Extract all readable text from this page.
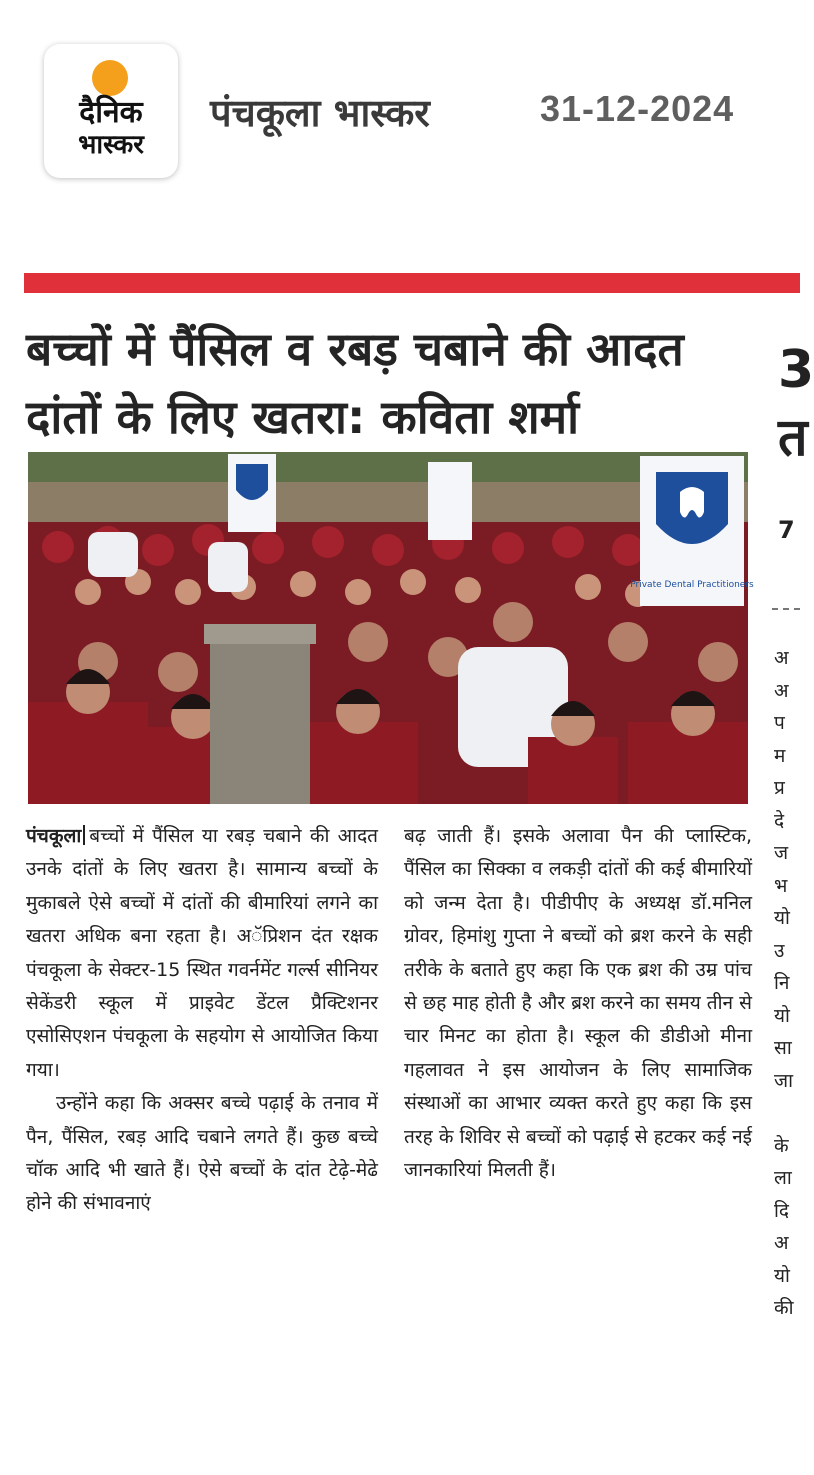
दैनिक
भास्कर
पंचकूला भास्कर	31-12-2024
बच्चों में पैंसिल व रबड़ चबाने की आदत
दांतों के लिए खतरा: कविता शर्मा
Private Dental Practitioners

पंचकूला बच्चों में पैंसिल या रबड़ चबाने की आदत उनके दांतों के लिए खतरा है। सामान्य बच्चों के मुकाबले ऐसे बच्चों में दांतों की बीमारियां लगने का खतरा अधिक बना रहता है। अॅप्रिशन दंत रक्षक पंचकूला के सेक्टर-15 स्थित गवर्नमेंट गर्ल्स सीनियर सेकेंडरी स्कूल में प्राइवेट डेंटल प्रैक्टिशनर एसोसिएशन पंचकूला के सहयोग से आयोजित किया गया।
उन्होंने कहा कि अक्सर बच्चे पढ़ाई के तनाव में पैन, पैंसिल, रबड़ आदि चबाने लगते हैं। कुछ बच्चे चॉक आदि भी खाते हैं। ऐसे बच्चों के दांत टेढ़े-मेढे होने की संभावनाएं

बढ़ जाती हैं। इसके अलावा पैन की प्लास्टिक, पैंसिल का सिक्का व लकड़ी दांतों की कई बीमारियों को जन्म देता है। पीडीपीए के अध्यक्ष डॉ.मनिल ग्रोवर, हिमांशु गुप्ता ने बच्चों को ब्रश करने के सही तरीके के बताते हुए कहा कि एक ब्रश की उम्र पांच से छह माह होती है और ब्रश करने का समय तीन से चार मिनट का होता है। स्कूल की डीडीओ मीना गहलावत ने इस आयोजन के लिए सामाजिक संस्थाओं का आभार व्यक्त करते हुए कहा कि इस तरह के शिविर से बच्चों को पढ़ाई से हटकर कई नई जानकारियां मिलती हैं।

3
त
7
अ
अ
प
म
प्र
दे
ज
भ
यो
उ
नि
यो
सा
जा

के
ला
दि
अ
यो
की
